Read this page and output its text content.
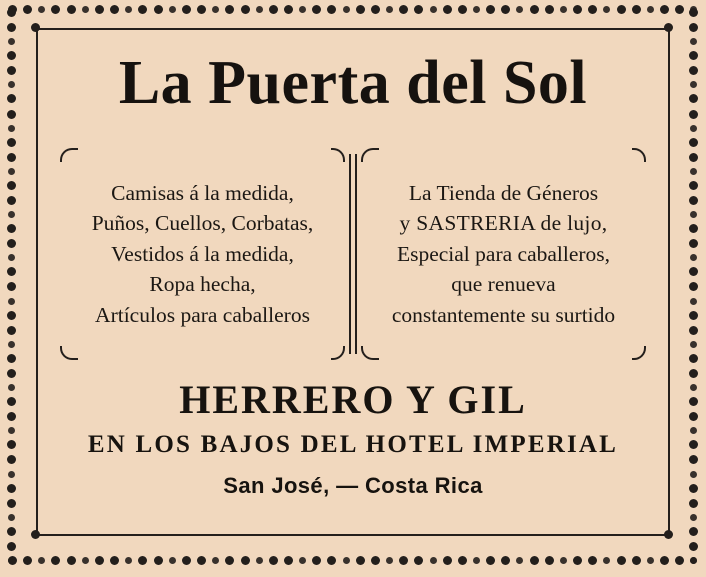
La Puerta del Sol
Camisas á la medida,
Puños, Cuellos, Corbatas,
Vestidos á la medida,
Ropa hecha,
Artículos para caballeros
La Tienda de Géneros
y SASTRERIA de lujo,
Especial para caballeros,
que renueva
constantemente su surtido
HERRERO Y GIL
EN LOS BAJOS DEL HOTEL IMPERIAL
San José, — Costa Rica
